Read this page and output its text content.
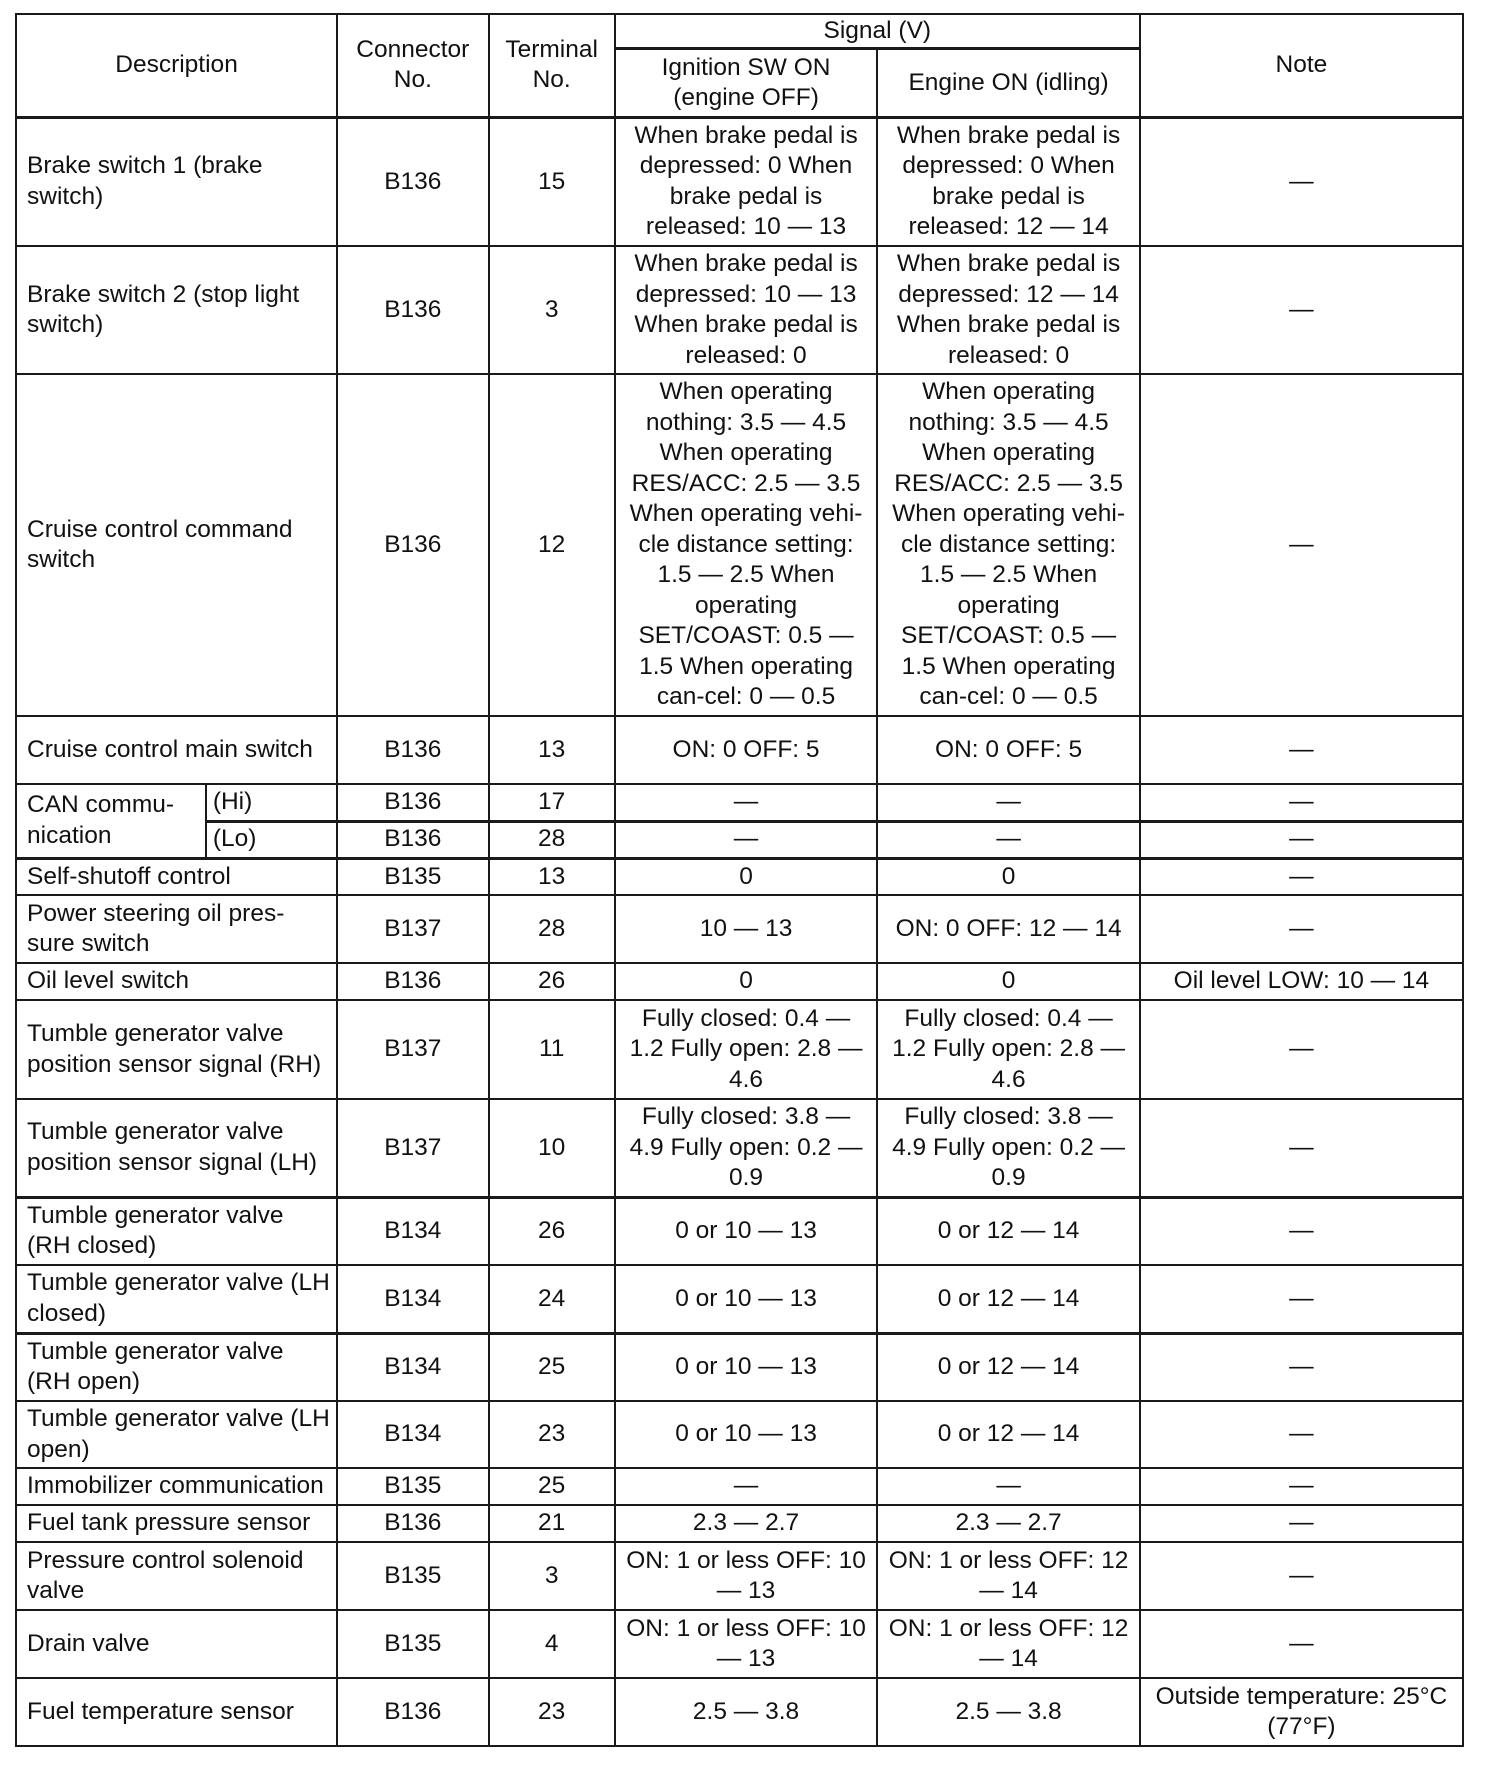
Description		Connector No.	Terminal No.	Signal (V)		Note
				Ignition SW ON (engine OFF)	Engine ON (idling)	
Brake switch 1 (brake switch)		B136	15	When brake pedal is depressed: 0 When brake pedal is released: 10 — 13	When brake pedal is depressed: 0 When brake pedal is released: 12 — 14	—
Brake switch 2 (stop light switch)		B136	3	When brake pedal is depressed: 10 — 13 When brake pedal is released: 0	When brake pedal is depressed: 12 — 14 When brake pedal is released: 0	—
Cruise control command switch		B136	12	When operating nothing: 3.5 — 4.5 When operating RES/ACC: 2.5 — 3.5 When operating vehi-cle distance setting: 1.5 — 2.5 When operating SET/COAST: 0.5 — 1.5 When operating can-cel: 0 — 0.5	When operating nothing: 3.5 — 4.5 When operating RES/ACC: 2.5 — 3.5 When operating vehi-cle distance setting: 1.5 — 2.5 When operating SET/COAST: 0.5 — 1.5 When operating can-cel: 0 — 0.5	—
Cruise control main switch		B136	13	ON: 0 OFF: 5	ON: 0 OFF: 5	—
CAN commu-nication	(Hi)	B136	17	—	—	—
	(Lo)	B136	28	—	—	—
Self-shutoff control		B135	13	0	0	—
Power steering oil pres-sure switch		B137	28	10 — 13	ON: 0 OFF: 12 — 14	—
Oil level switch		B136	26	0	0	Oil level LOW: 10 — 14
Tumble generator valve position sensor signal (RH)		B137	11	Fully closed: 0.4 — 1.2 Fully open: 2.8 — 4.6	Fully closed: 0.4 — 1.2 Fully open: 2.8 — 4.6	—
Tumble generator valve position sensor signal (LH)		B137	10	Fully closed: 3.8 — 4.9 Fully open: 0.2 — 0.9	Fully closed: 3.8 — 4.9 Fully open: 0.2 — 0.9	—
Tumble generator valve (RH closed)		B134	26	0 or 10 — 13	0 or 12 — 14	—
Tumble generator valve (LH closed)		B134	24	0 or 10 — 13	0 or 12 — 14	—
Tumble generator valve (RH open)		B134	25	0 or 10 — 13	0 or 12 — 14	—
Tumble generator valve (LH open)		B134	23	0 or 10 — 13	0 or 12 — 14	—
Immobilizer communication		B135	25	—	—	—
Fuel tank pressure sensor		B136	21	2.3 — 2.7	2.3 — 2.7	—
Pressure control solenoid valve		B135	3	ON: 1 or less OFF: 10 — 13	ON: 1 or less OFF: 12 — 14	—
Drain valve		B135	4	ON: 1 or less OFF: 10 — 13	ON: 1 or less OFF: 12 — 14	—
Fuel temperature sensor		B136	23	2.5 — 3.8	2.5 — 3.8	Outside temperature: 25°C (77°F)
